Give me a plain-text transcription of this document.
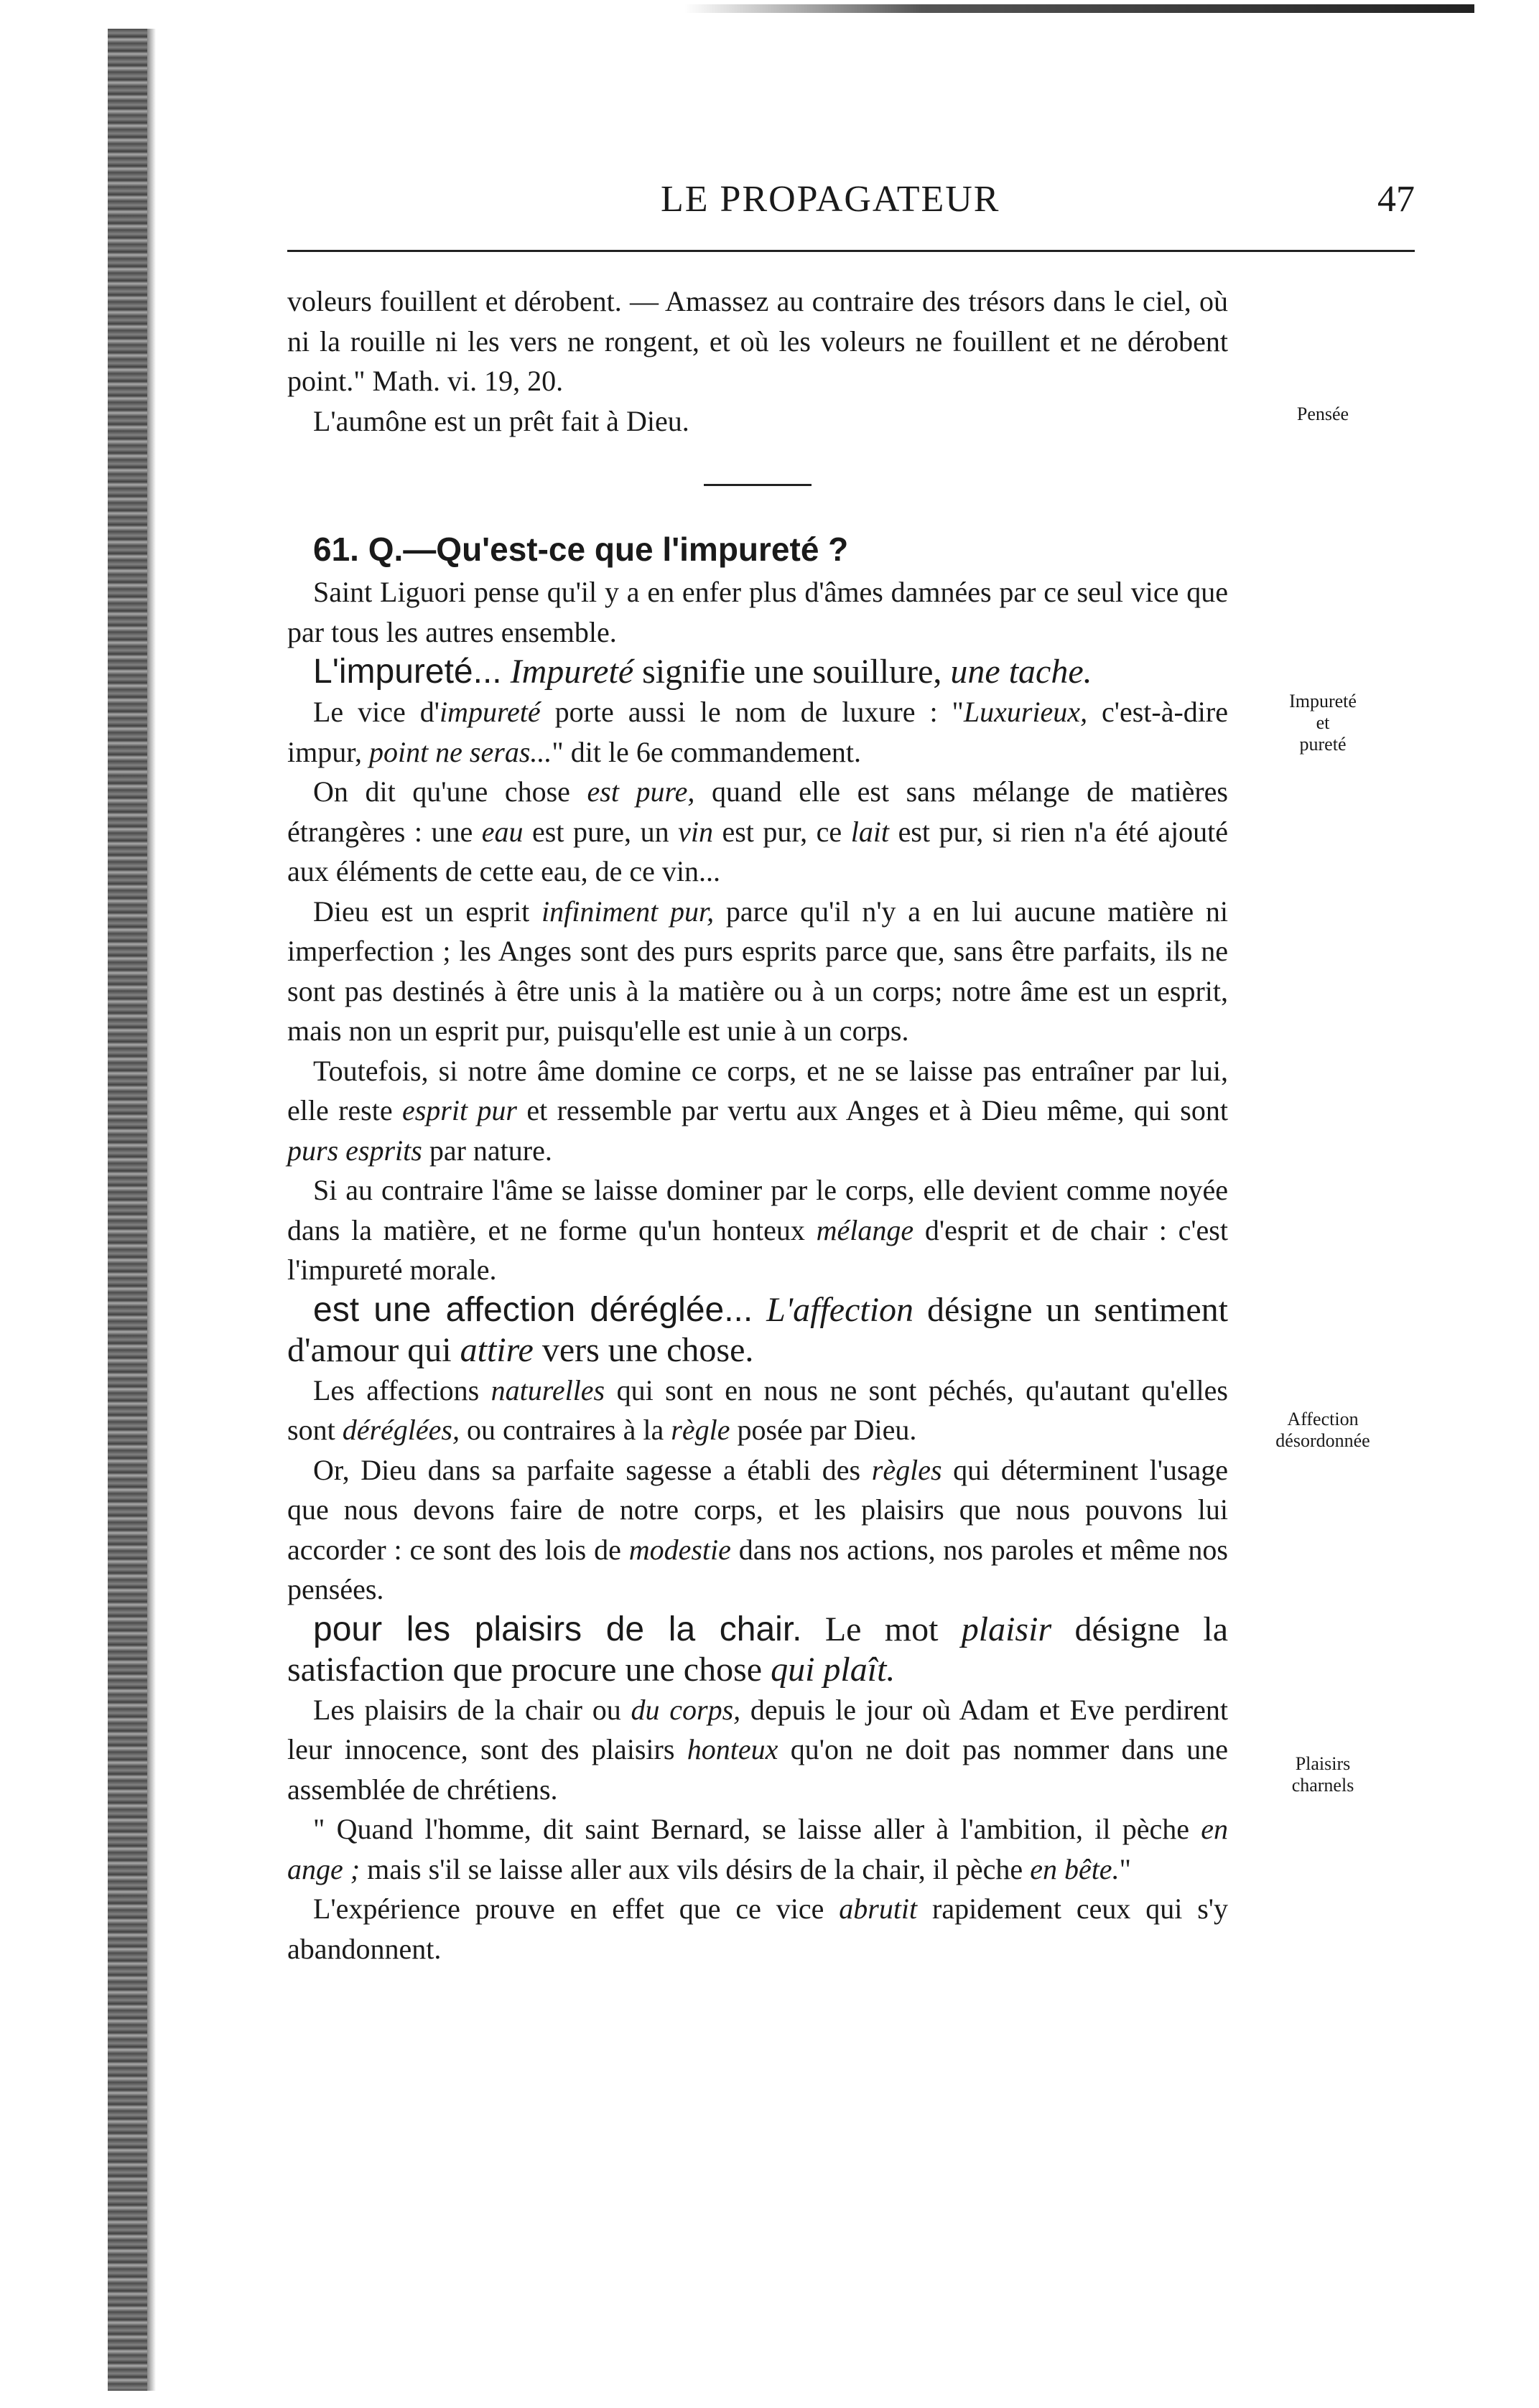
LE PROPAGATEUR	47
Pensée
Impureté
et
pureté
Affection
désordonnée
Plaisirs
charnels

voleurs fouillent et dérobent. — Amassez au contraire des trésors dans le ciel, où ni la rouille ni les vers ne rongent, et où les voleurs ne fouillent et ne dérobent point." Math. vi. 19, 20.

L'aumône est un prêt fait à Dieu.

61. Q.—Qu'est-ce que l'impureté ?

Saint Liguori pense qu'il y a en enfer plus d'âmes damnées par ce seul vice que par tous les autres ensemble.

L'impureté... Impureté signifie une souillure, une tache.

Le vice d'impureté porte aussi le nom de luxure : "Luxurieux, c'est-à-dire impur, point ne seras..." dit le 6e commandement.

On dit qu'une chose est pure, quand elle est sans mélange de matières étrangères : une eau est pure, un vin est pur, ce lait est pur, si rien n'a été ajouté aux éléments de cette eau, de ce vin...

Dieu est un esprit infiniment pur, parce qu'il n'y a en lui aucune matière ni imperfection ; les Anges sont des purs esprits parce que, sans être parfaits, ils ne sont pas destinés à être unis à la matière ou à un corps; notre âme est un esprit, mais non un esprit pur, puisqu'elle est unie à un corps.

Toutefois, si notre âme domine ce corps, et ne se laisse pas entraîner par lui, elle reste esprit pur et ressemble par vertu aux Anges et à Dieu même, qui sont purs esprits par nature.

Si au contraire l'âme se laisse dominer par le corps, elle devient comme noyée dans la matière, et ne forme qu'un honteux mélange d'esprit et de chair : c'est l'impureté morale.

est une affection déréglée... L'affection désigne un sentiment d'amour qui attire vers une chose.

Les affections naturelles qui sont en nous ne sont péchés, qu'autant qu'elles sont déréglées, ou contraires à la règle posée par Dieu.

Or, Dieu dans sa parfaite sagesse a établi des règles qui déterminent l'usage que nous devons faire de notre corps, et les plaisirs que nous pouvons lui accorder : ce sont des lois de modestie dans nos actions, nos paroles et même nos pensées.

pour les plaisirs de la chair. Le mot plaisir désigne la satisfaction que procure une chose qui plaît.

Les plaisirs de la chair ou du corps, depuis le jour où Adam et Eve perdirent leur innocence, sont des plaisirs honteux qu'on ne doit pas nommer dans une assemblée de chrétiens.

" Quand l'homme, dit saint Bernard, se laisse aller à l'ambition, il pèche en ange ; mais s'il se laisse aller aux vils désirs de la chair, il pèche en bête."

L'expérience prouve en effet que ce vice abrutit rapidement ceux qui s'y abandonnent.
